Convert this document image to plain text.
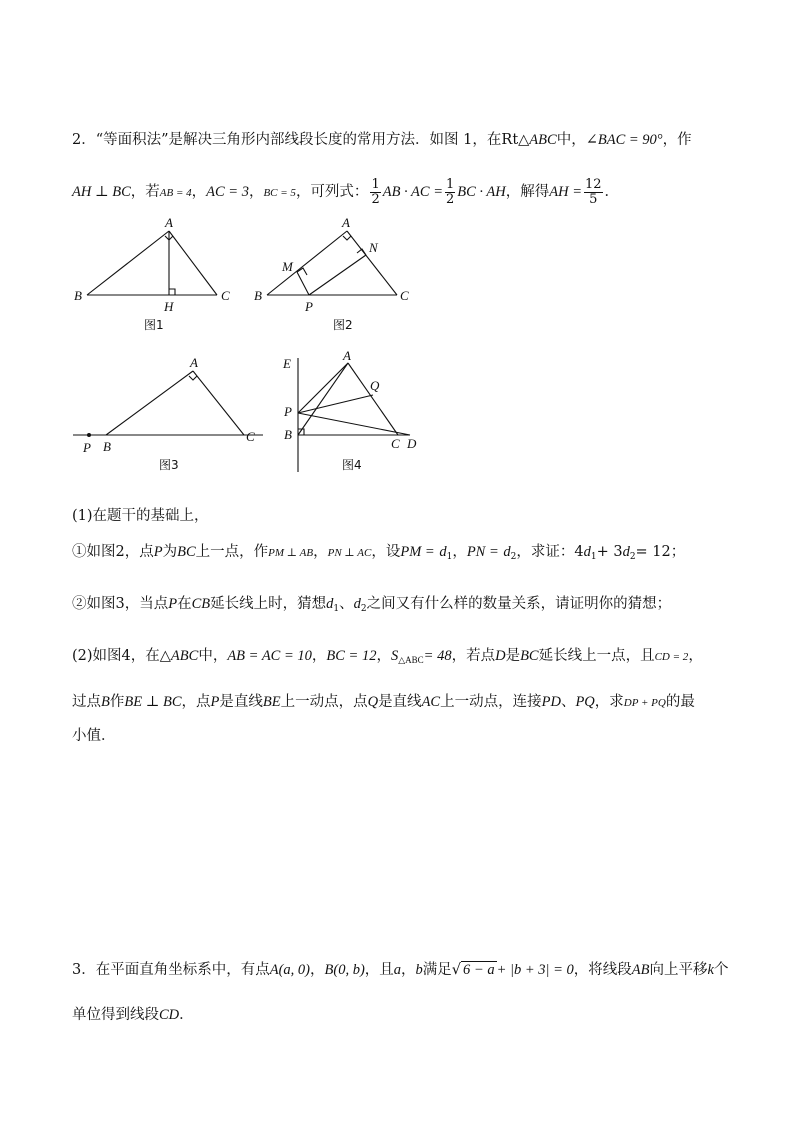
2．“等面积法”是解决三角形内部线段长度的常用方法．如图 1，在Rt△ABC中，∠BAC = 90°，作
AH ⊥ BC，若AB = 4，AC = 3，BC = 5，可列式： $\frac{1}{2}$ AB · AC = $\frac{1}{2}$ BC · AH，解得AH = $\frac{12}{5}$ ．
A
B	C
H
图1
A
B	C
M
N
P
图2
A
B
C
P
图3
E
A
Q
P
B
C D
图4
(1)在题干的基础上，
①如图2，点P为BC上一点，作PM ⊥ AB，PN ⊥ AC，设PM = $d_1$，PN = $d_2$，求证：$4d_1+ 3d_2= 12$；
②如图3，当点P在CB延长线上时，猜想$d_1$、$d_2$之间又有什么样的数量关系，请证明你的猜想；
(2)如图4，在△ABC中，AB = AC = 10，BC = 12，$S_{\triangle ABC}= 48$，若点D是BC延长线上一点，且CD = 2，
过点B作BE ⊥ BC，点P是直线BE上一动点，点Q是直线AC上一动点，连接PD、PQ，求DP + PQ的最
小值．
3．在平面直角坐标系中，有点A(a, 0)，B(0, b)，且a，b满足√ 6 − a + |b + 3| = 0，将线段AB向上平移k个
单位得到线段CD．
